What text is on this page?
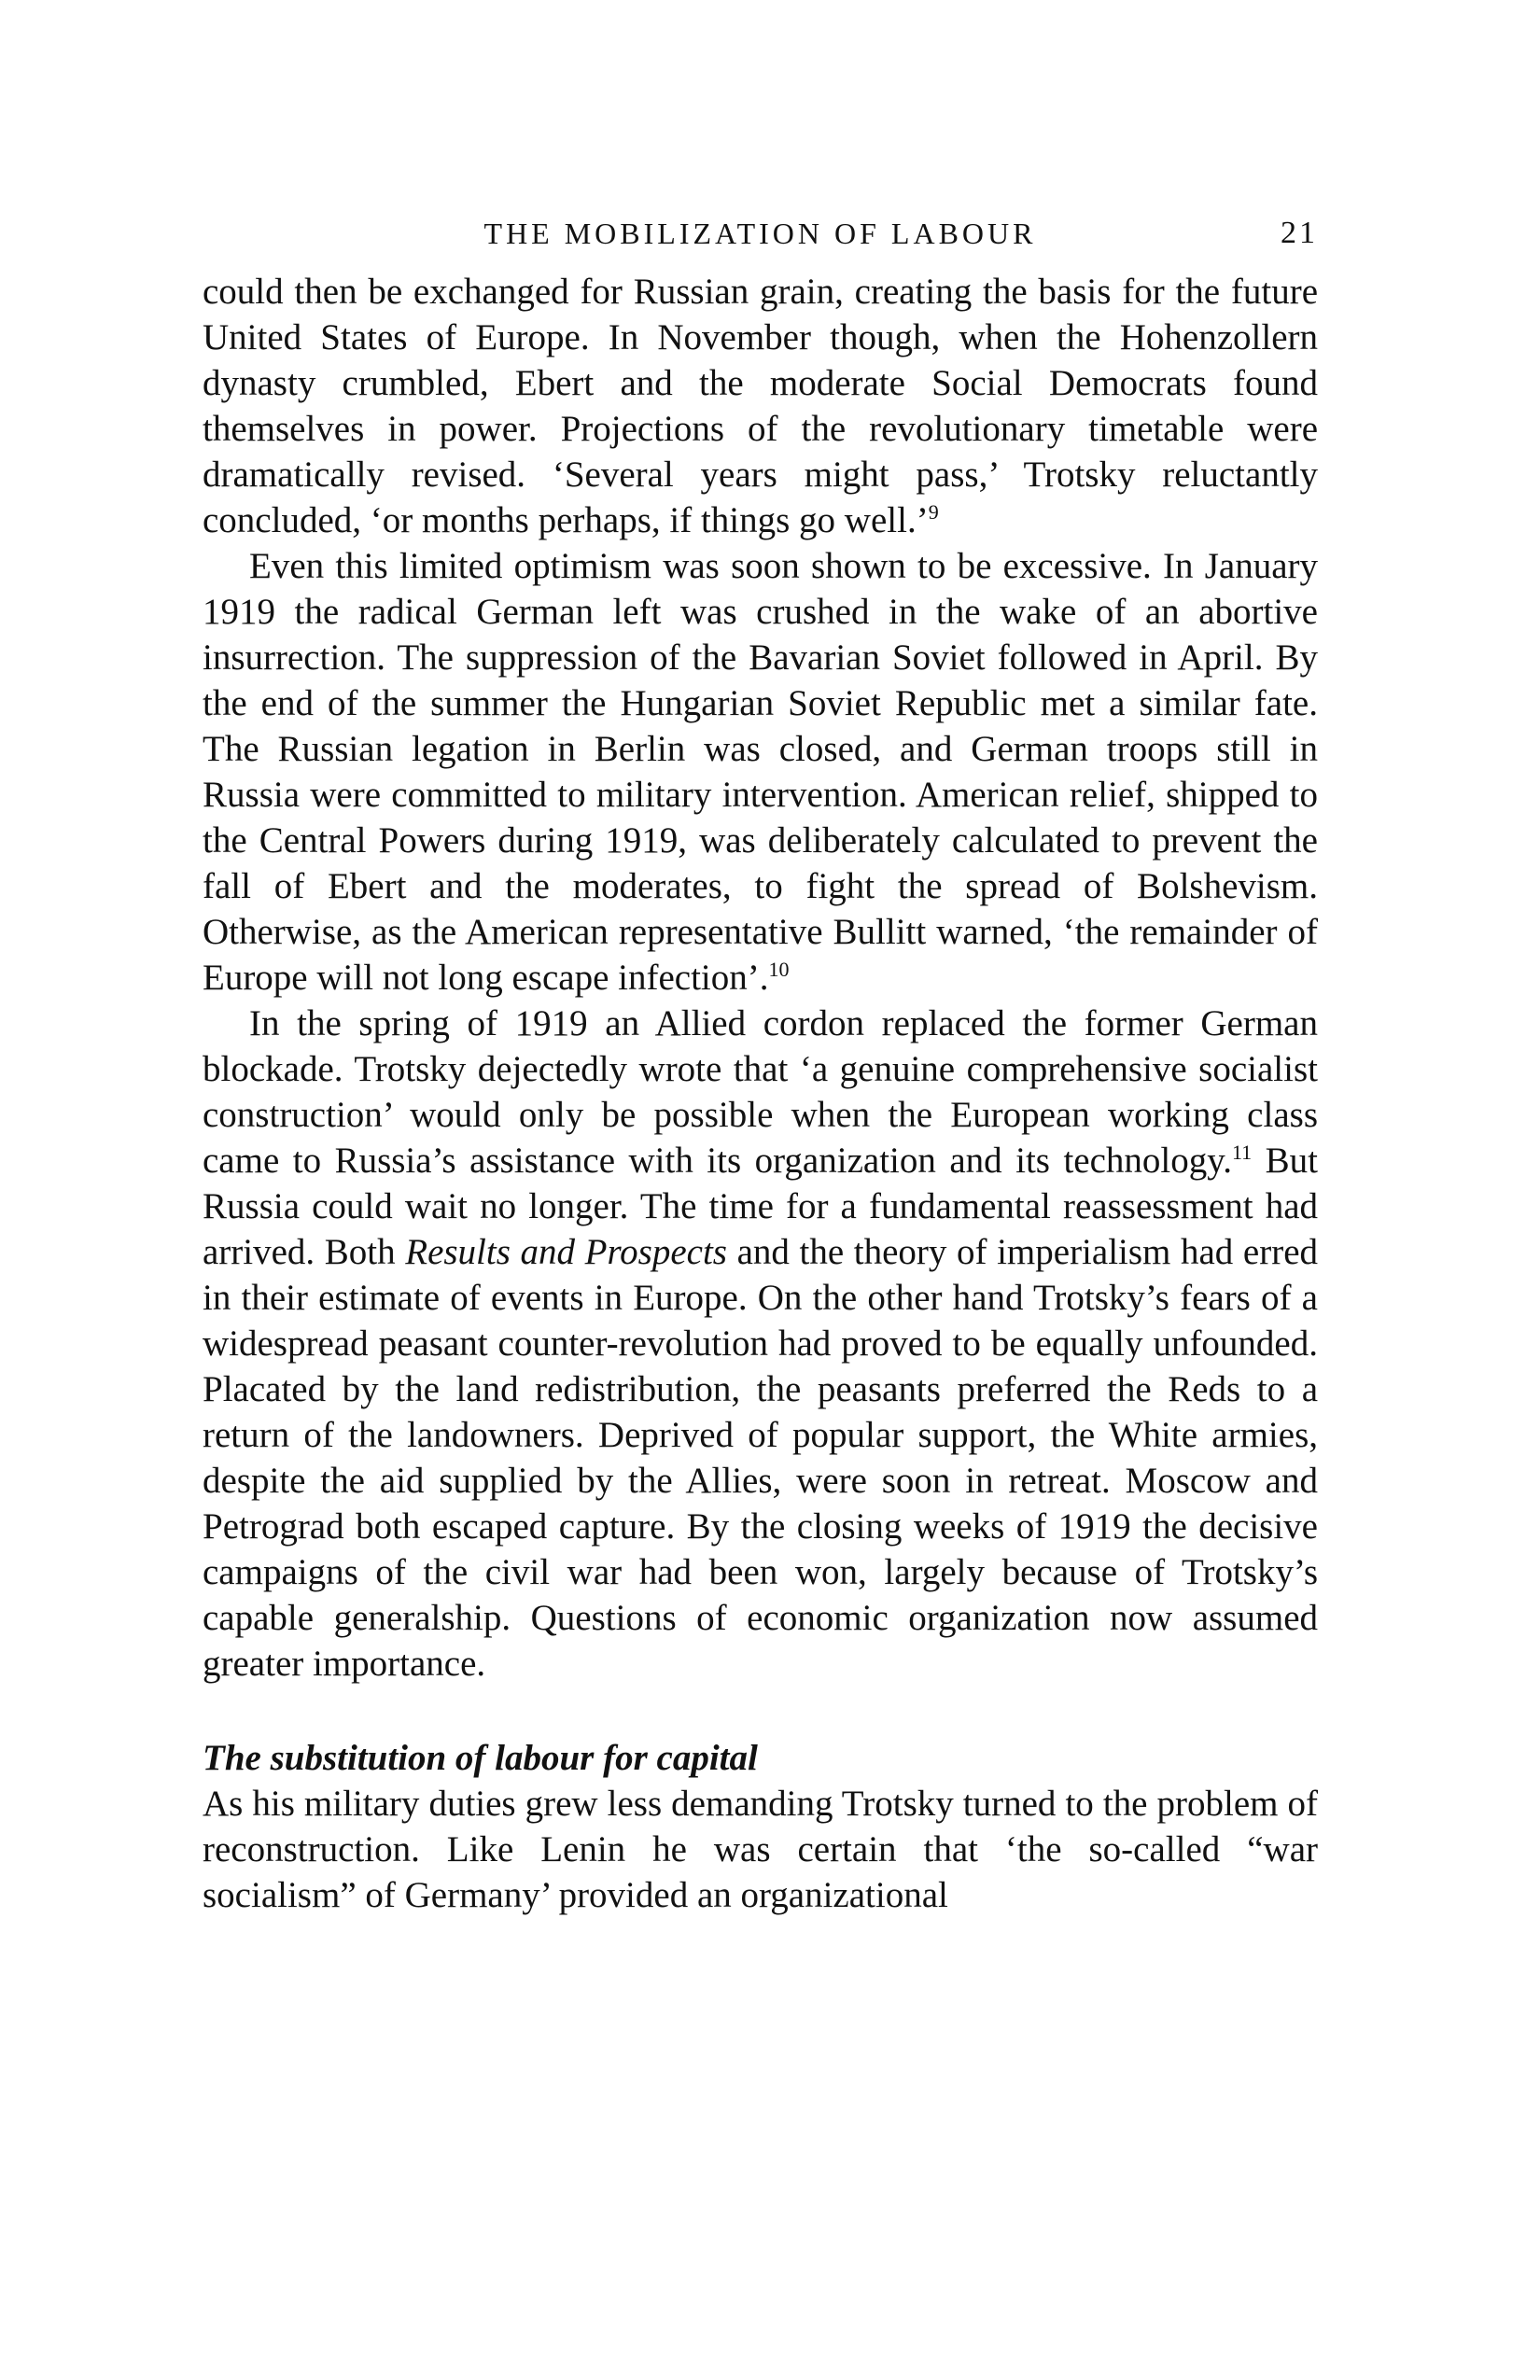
THE MOBILIZATION OF LABOUR	21

could then be exchanged for Russian grain, creating the basis for the future United States of Europe. In November though, when the Hohenzollern dynasty crumbled, Ebert and the moderate Social Democrats found themselves in power. Projections of the revolutionary timetable were dramatically revised. ‘Several years might pass,’ Trotsky reluctantly concluded, ‘or months perhaps, if things go well.’$^9$

Even this limited optimism was soon shown to be excessive. In January 1919 the radical German left was crushed in the wake of an abortive insurrection. The suppression of the Bavarian Soviet followed in April. By the end of the summer the Hungarian Soviet Republic met a similar fate. The Russian legation in Berlin was closed, and German troops still in Russia were committed to military intervention. American relief, shipped to the Central Powers during 1919, was deliberately calculated to prevent the fall of Ebert and the moderates, to fight the spread of Bolshevism. Otherwise, as the American representative Bullitt warned, ‘the remainder of Europe will not long escape infection’.$^{10}$

In the spring of 1919 an Allied cordon replaced the former German blockade. Trotsky dejectedly wrote that ‘a genuine comprehensive socialist construction’ would only be possible when the European working class came to Russia’s assistance with its organization and its technology.$^{11}$ But Russia could wait no longer. The time for a fundamental reassessment had arrived. Both Results and Prospects and the theory of imperialism had erred in their estimate of events in Europe. On the other hand Trotsky’s fears of a widespread peasant counter-revolution had proved to be equally unfounded. Placated by the land redistribution, the peasants preferred the Reds to a return of the landowners. Deprived of popular support, the White armies, despite the aid supplied by the Allies, were soon in retreat. Moscow and Petrograd both escaped capture. By the closing weeks of 1919 the decisive campaigns of the civil war had been won, largely because of Trotsky’s capable generalship. Questions of economic organization now assumed greater importance.

The substitution of labour for capital

As his military duties grew less demanding Trotsky turned to the problem of reconstruction. Like Lenin he was certain that ‘the so-called “war socialism” of Germany’ provided an organizational
